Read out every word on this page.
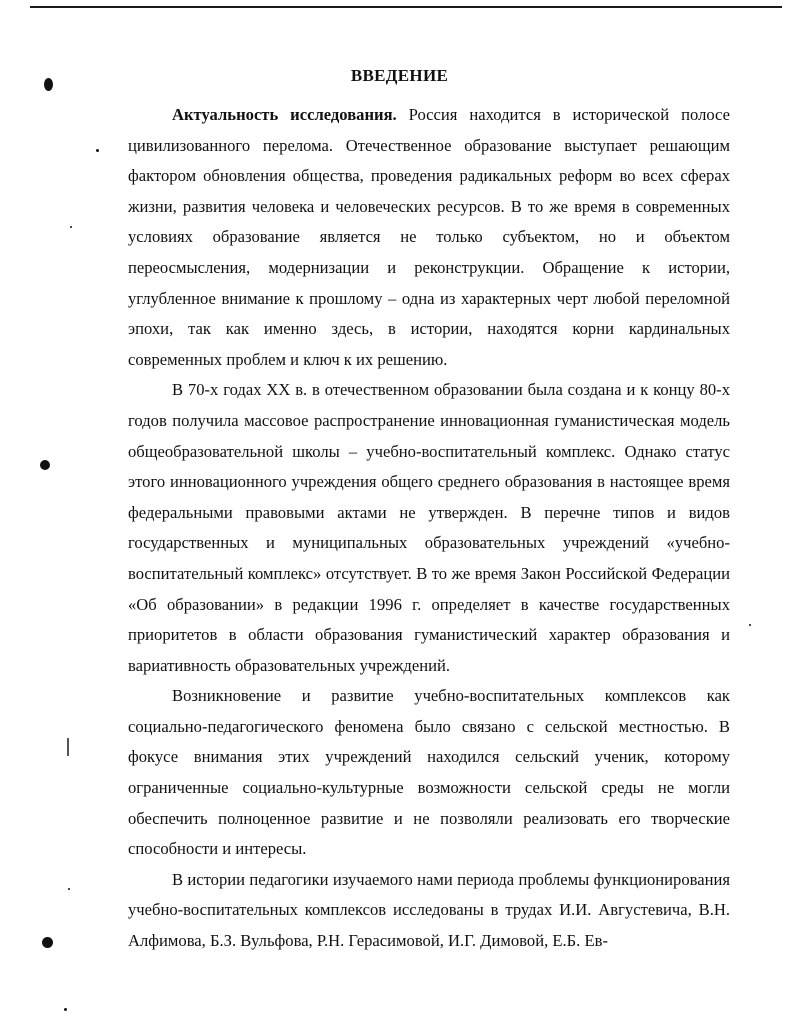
ВВЕДЕНИЕ

Актуальность исследования. Россия находится в исторической полосе цивилизованного перелома. Отечественное образование выступает решающим фактором обновления общества, проведения радикальных реформ во всех сферах жизни, развития человека и человеческих ресурсов. В то же время в современных условиях образование является не только субъектом, но и объектом переосмысления, модернизации и реконструкции. Обращение к истории, углубленное внимание к прошлому – одна из характерных черт любой переломной эпохи, так как именно здесь, в истории, находятся корни кардинальных современных проблем и ключ к их решению.

В 70-х годах XX в. в отечественном образовании была создана и к концу 80-х годов получила массовое распространение инновационная гуманистическая модель общеобразовательной школы – учебно-воспитательный комплекс. Однако статус этого инновационного учреждения общего среднего образования в настоящее время федеральными правовыми актами не утвержден. В перечне типов и видов государственных и муниципальных образовательных учреждений «учебно-воспитательный комплекс» отсутствует. В то же время Закон Российской Федерации «Об образовании» в редакции 1996 г. определяет в качестве государственных приоритетов в области образования гуманистический характер образования и вариативность образовательных учреждений.

Возникновение и развитие учебно-воспитательных комплексов как социально-педагогического феномена было связано с сельской местностью. В фокусе внимания этих учреждений находился сельский ученик, которому ограниченные социально-культурные возможности сельской среды не могли обеспечить полноценное развитие и не позволяли реализовать его творческие способности и интересы.

В истории педагогики изучаемого нами периода проблемы функционирования учебно-воспитательных комплексов исследованы в трудах И.И. Августевича, В.Н. Алфимова, Б.З. Вульфова, Р.Н. Герасимовой, И.Г. Димовой, Е.Б. Ев-
